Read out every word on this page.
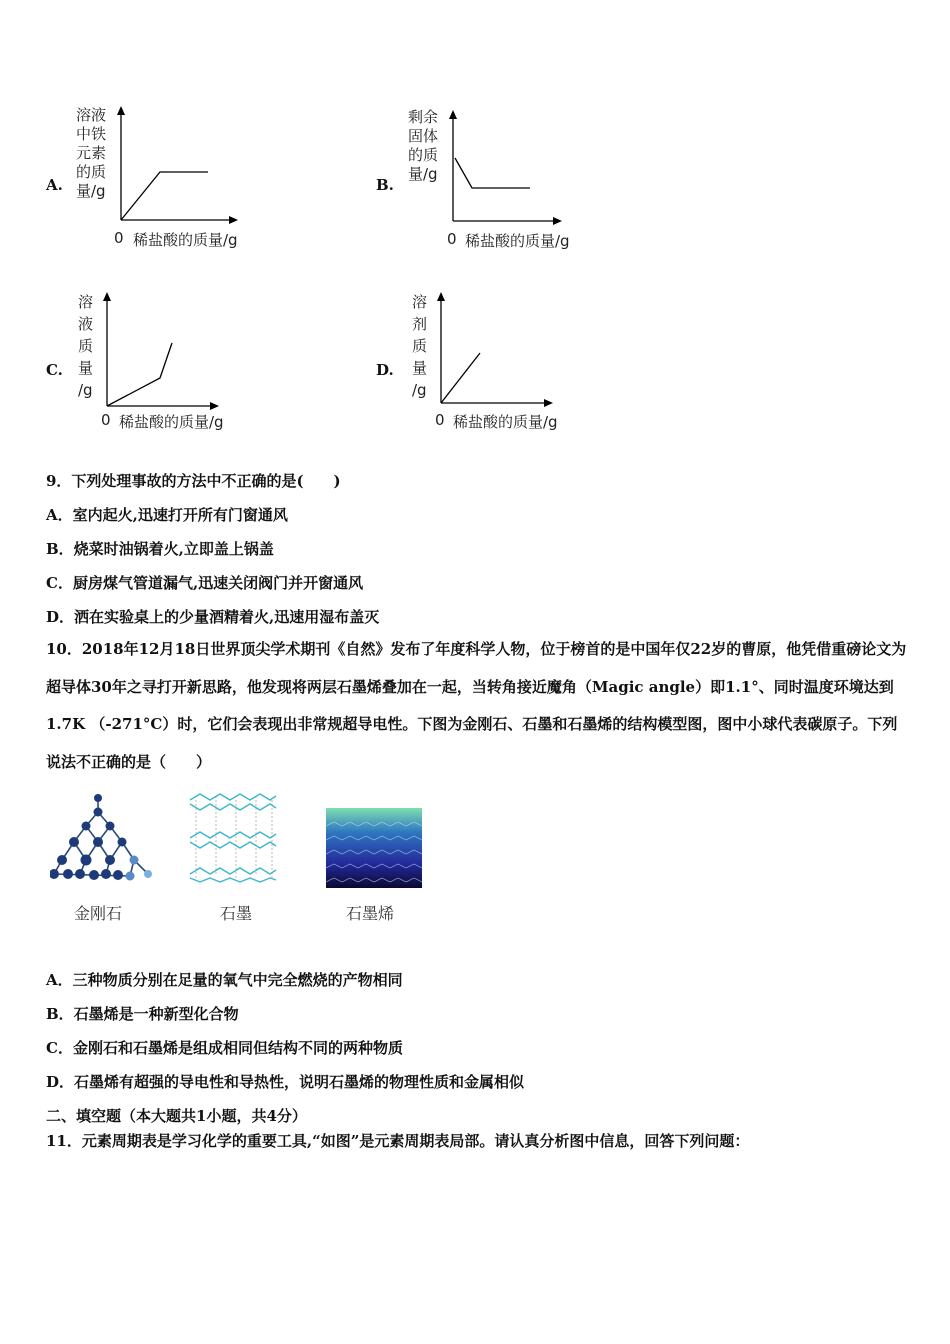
A.
溶液
中铁
元素
的质
量/g
0 稀盐酸的质量/g
B.
剩余
固体
的质
量/g
0 稀盐酸的质量/g
C.
溶
液
质
量
/g
0 稀盐酸的质量/g
D.
溶
剂
质
量
/g
0 稀盐酸的质量/g
9．下列处理事故的方法中不正确的是(　　)
A．室内起火,迅速打开所有门窗通风
B．烧菜时油锅着火,立即盖上锅盖
C．厨房煤气管道漏气,迅速关闭阀门并开窗通风
D．洒在实验桌上的少量酒精着火,迅速用湿布盖灭
10．2018年12月18日世界顶尖学术期刊《自然》发布了年度科学人物，位于榜首的是中国年仅22岁的曹原，他凭借重磅论文为超导体30年之寻打开新思路，他发现将两层石墨烯叠加在一起，当转角接近魔角（Magic angle）即1.1°、同时温度环境达到1.7K （-271°C）时，它们会表现出非常规超导电性。下图为金刚石、石墨和石墨烯的结构模型图，图中小球代表碳原子。下列说法不正确的是（　　）
金刚石	石墨	石墨烯
A．三种物质分别在足量的氧气中完全燃烧的产物相同
B．石墨烯是一种新型化合物
C．金刚石和石墨烯是组成相同但结构不同的两种物质
D．石墨烯有超强的导电性和导热性，说明石墨烯的物理性质和金属相似
二、填空题（本大题共1小题，共4分）
11．元素周期表是学习化学的重要工具,“如图”是元素周期表局部。请认真分析图中信息，回答下列问题：
